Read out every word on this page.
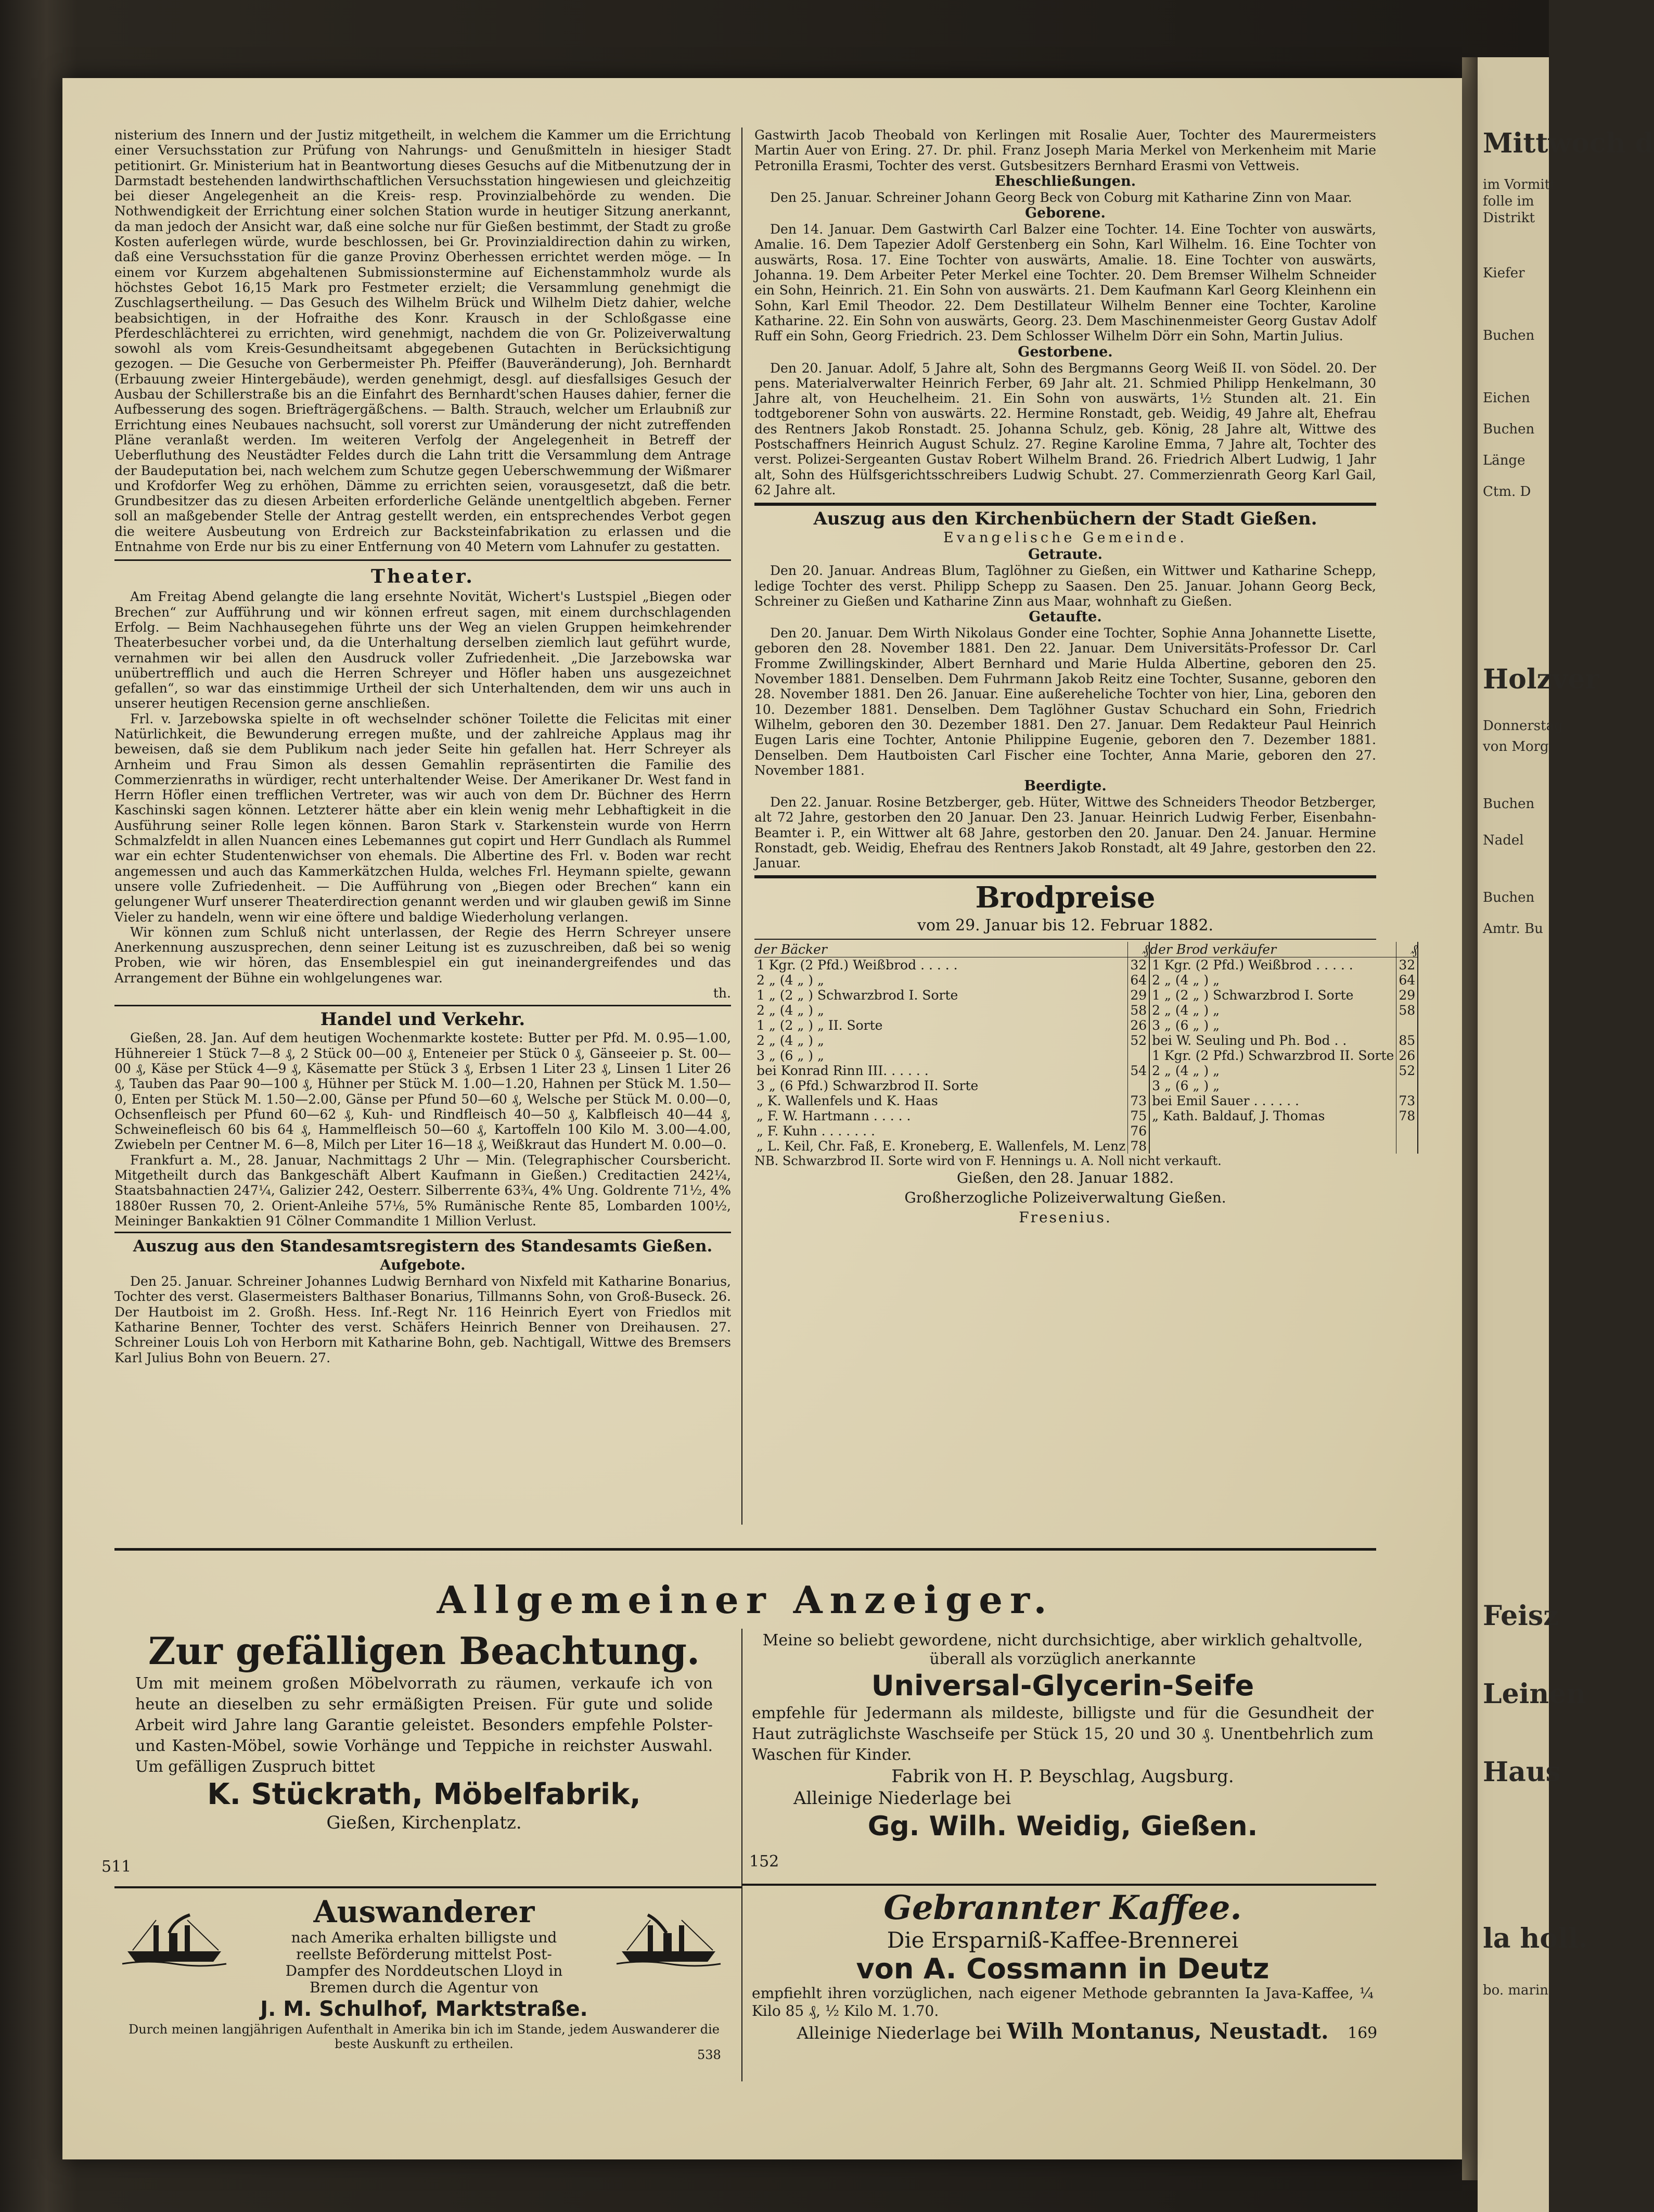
Mittwoch d
im Vormitt
folle im
Distrikt
Kiefer
Buchen
Eichen
Buchen
Länge
Ctm. D
Holzver
Donnerstag
von Morg
Buchen
Nadel
Buchen
Amtr. Bu
Feisz
Leinen
Haus
la holl.
bo. marin

nisterium des Innern und der Justiz mitgetheilt, in welchem die Kammer um die Errichtung einer Versuchsstation zur Prüfung von Nahrungs- und Genußmitteln in hiesiger Stadt petitionirt. Gr. Ministerium hat in Beantwortung dieses Gesuchs auf die Mitbenutzung der in Darmstadt bestehenden landwirthschaftlichen Versuchsstation hingewiesen und gleichzeitig bei dieser Angelegenheit an die Kreis- resp. Provinzialbehörde zu wenden. Die Nothwendigkeit der Errichtung einer solchen Station wurde in heutiger Sitzung anerkannt, da man jedoch der Ansicht war, daß eine solche nur für Gießen bestimmt, der Stadt zu große Kosten auferlegen würde, wurde beschlossen, bei Gr. Provinzialdirection dahin zu wirken, daß eine Versuchsstation für die ganze Provinz Oberhessen errichtet werden möge. — In einem vor Kurzem abgehaltenen Submissionstermine auf Eichenstammholz wurde als höchstes Gebot 16,15 Mark pro Festmeter erzielt; die Versammlung genehmigt die Zuschlagsertheilung. — Das Gesuch des Wilhelm Brück und Wilhelm Dietz dahier, welche beabsichtigen, in der Hofraithe des Konr. Krausch in der Schloßgasse eine Pferdeschlächterei zu errichten, wird genehmigt, nachdem die von Gr. Polizeiverwaltung sowohl als vom Kreis-Gesundheitsamt abgegebenen Gutachten in Berücksichtigung gezogen. — Die Gesuche von Gerbermeister Ph. Pfeiffer (Bauveränderung), Joh. Bernhardt (Erbauung zweier Hintergebäude), werden genehmigt, desgl. auf diesfallsiges Gesuch der Ausbau der Schillerstraße bis an die Einfahrt des Bernhardt'schen Hauses dahier, ferner die Aufbesserung des sogen. Briefträgergäßchens. — Balth. Strauch, welcher um Erlaubniß zur Errichtung eines Neubaues nachsucht, soll vorerst zur Umänderung der nicht zutreffenden Pläne veranlaßt werden. Im weiteren Verfolg der Angelegenheit in Betreff der Ueberfluthung des Neustädter Feldes durch die Lahn tritt die Versammlung dem Antrage der Baudeputation bei, nach welchem zum Schutze gegen Ueberschwemmung der Wißmarer und Krofdorfer Weg zu erhöhen, Dämme zu errichten seien, vorausgesetzt, daß die betr. Grundbesitzer das zu diesen Arbeiten erforderliche Gelände unentgeltlich abgeben. Ferner soll an maßgebender Stelle der Antrag gestellt werden, ein entsprechendes Verbot gegen die weitere Ausbeutung von Erdreich zur Backsteinfabrikation zu erlassen und die Entnahme von Erde nur bis zu einer Entfernung von 40 Metern vom Lahnufer zu gestatten.

Theater.

Am Freitag Abend gelangte die lang ersehnte Novität, Wichert's Lustspiel „Biegen oder Brechen“ zur Aufführung und wir können erfreut sagen, mit einem durchschlagenden Erfolg. — Beim Nachhausegehen führte uns der Weg an vielen Gruppen heimkehrender Theaterbesucher vorbei und, da die Unterhaltung derselben ziemlich laut geführt wurde, vernahmen wir bei allen den Ausdruck voller Zufriedenheit. „Die Jarzebowska war unübertrefflich und auch die Herren Schreyer und Höfler haben uns ausgezeichnet gefallen“, so war das einstimmige Urtheil der sich Unterhaltenden, dem wir uns auch in unserer heutigen Recension gerne anschließen.

Frl. v. Jarzebowska spielte in oft wechselnder schöner Toilette die Felicitas mit einer Natürlichkeit, die Bewunderung erregen mußte, und der zahlreiche Applaus mag ihr beweisen, daß sie dem Publikum nach jeder Seite hin gefallen hat. Herr Schreyer als Arnheim und Frau Simon als dessen Gemahlin repräsentirten die Familie des Commerzienraths in würdiger, recht unterhaltender Weise. Der Amerikaner Dr. West fand in Herrn Höfler einen trefflichen Vertreter, was wir auch von dem Dr. Büchner des Herrn Kaschinski sagen können. Letzterer hätte aber ein klein wenig mehr Lebhaftigkeit in die Ausführung seiner Rolle legen können. Baron Stark v. Starkenstein wurde von Herrn Schmalzfeldt in allen Nuancen eines Lebemannes gut copirt und Herr Gundlach als Rummel war ein echter Studentenwichser von ehemals. Die Albertine des Frl. v. Boden war recht angemessen und auch das Kammerkätzchen Hulda, welches Frl. Heymann spielte, gewann unsere volle Zufriedenheit. — Die Aufführung von „Biegen oder Brechen“ kann ein gelungener Wurf unserer Theaterdirection genannt werden und wir glauben gewiß im Sinne Vieler zu handeln, wenn wir eine öftere und baldige Wiederholung verlangen.

Wir können zum Schluß nicht unterlassen, der Regie des Herrn Schreyer unsere Anerkennung auszusprechen, denn seiner Leitung ist es zuzuschreiben, daß bei so wenig Proben, wie wir hören, das Ensemblespiel ein gut ineinandergreifendes und das Arrangement der Bühne ein wohlgelungenes war.

th.
Handel und Verkehr.

Gießen, 28. Jan. Auf dem heutigen Wochenmarkte kostete: Butter per Pfd. M. 0.95—1.00, Hühnereier 1 Stück 7—8 ₰, 2 Stück 00—00 ₰, Enteneier per Stück 0 ₰, Gänseeier p. St. 00—00 ₰, Käse per Stück 4—9 ₰, Käsematte per Stück 3 ₰, Erbsen 1 Liter 23 ₰, Linsen 1 Liter 26 ₰, Tauben das Paar 90—100 ₰, Hühner per Stück M. 1.00—1.20, Hahnen per Stück M. 1.50—0, Enten per Stück M. 1.50—2.00, Gänse per Pfund 50—60 ₰, Welsche per Stück M. 0.00—0, Ochsenfleisch per Pfund 60—62 ₰, Kuh- und Rindfleisch 40—50 ₰, Kalbfleisch 40—44 ₰, Schweinefleisch 60 bis 64 ₰, Hammelfleisch 50—60 ₰, Kartoffeln 100 Kilo M. 3.00—4.00, Zwiebeln per Centner M. 6—8, Milch per Liter 16—18 ₰, Weißkraut das Hundert M. 0.00—0.

Frankfurt a. M., 28. Januar, Nachmittags 2 Uhr — Min. (Telegraphischer Coursbericht. Mitgetheilt durch das Bankgeschäft Albert Kaufmann in Gießen.) Creditactien 242¼, Staatsbahnactien 247¼, Galizier 242, Oesterr. Silberrente 63¾, 4% Ung. Goldrente 71½, 4% 1880er Russen 70, 2. Orient-Anleihe 57⅛, 5% Rumänische Rente 85, Lombarden 100½, Meininger Bankaktien 91 Cölner Commanditе 1 Million Verlust.

Auszug aus den Standesamtsregistern des Standesamts Gießen.
Aufgebote.

Den 25. Januar. Schreiner Johannes Ludwig Bernhard von Nixfeld mit Katharine Bonarius, Tochter des verst. Glasermeisters Balthaser Bonarius, Tillmanns Sohn, von Groß-Buseck. 26. Der Hautboist im 2. Großh. Hess. Inf.-Regt Nr. 116 Heinrich Eyert von Friedlos mit Katharine Benner, Tochter des verst. Schäfers Heinrich Benner von Dreihausen. 27. Schreiner Louis Loh von Herborn mit Katharine Bohn, geb. Nachtigall, Wittwe des Bremsers Karl Julius Bohn von Beuern. 27.

Gastwirth Jacob Theobald von Kerlingen mit Rosalie Auer, Tochter des Maurermeisters Martin Auer von Ering. 27. Dr. phil. Franz Joseph Maria Merkel von Merkenheim mit Marie Petronilla Erasmi, Tochter des verst. Gutsbesitzers Bernhard Erasmi von Vettweis.

Eheschließungen.

Den 25. Januar. Schreiner Johann Georg Beck von Coburg mit Katharine Zinn von Maar.

Geborene.

Den 14. Januar. Dem Gastwirth Carl Balzer eine Tochter. 14. Eine Tochter von auswärts, Amalie. 16. Dem Tapezier Adolf Gerstenberg ein Sohn, Karl Wilhelm. 16. Eine Tochter von auswärts, Rosa. 17. Eine Tochter von auswärts, Amalie. 18. Eine Tochter von auswärts, Johanna. 19. Dem Arbeiter Peter Merkel eine Tochter. 20. Dem Bremser Wilhelm Schneider ein Sohn, Heinrich. 21. Ein Sohn von auswärts. 21. Dem Kaufmann Karl Georg Kleinhenn ein Sohn, Karl Emil Theodor. 22. Dem Destillateur Wilhelm Benner eine Tochter, Karoline Katharine. 22. Ein Sohn von auswärts, Georg. 23. Dem Maschinenmeister Georg Gustav Adolf Ruff ein Sohn, Georg Friedrich. 23. Dem Schlosser Wilhelm Dörr ein Sohn, Martin Julius.

Gestorbene.

Den 20. Januar. Adolf, 5 Jahre alt, Sohn des Bergmanns Georg Weiß II. von Södel. 20. Der pens. Materialverwalter Heinrich Ferber, 69 Jahr alt. 21. Schmied Philipp Henkelmann, 30 Jahre alt, von Heuchelheim. 21. Ein Sohn von auswärts, 1½ Stunden alt. 21. Ein todtgeborener Sohn von auswärts. 22. Hermine Ronstadt, geb. Weidig, 49 Jahre alt, Ehefrau des Rentners Jakob Ronstadt. 25. Johanna Schulz, geb. König, 28 Jahre alt, Wittwe des Postschaffners Heinrich August Schulz. 27. Regine Karoline Emma, 7 Jahre alt, Tochter des verst. Polizei-Sergeanten Gustav Robert Wilhelm Brand. 26. Friedrich Albert Ludwig, 1 Jahr alt, Sohn des Hülfsgerichtsschreibers Ludwig Schubt. 27. Commerzienrath Georg Karl Gail, 62 Jahre alt.

Auszug aus den Kirchenbüchern der Stadt Gießen.
Evangelische Gemeinde.
Getraute.

Den 20. Januar. Andreas Blum, Taglöhner zu Gießen, ein Wittwer und Katharine Schepp, ledige Tochter des verst. Philipp Schepp zu Saasen. Den 25. Januar. Johann Georg Beck, Schreiner zu Gießen und Katharine Zinn aus Maar, wohnhaft zu Gießen.

Getaufte.

Den 20. Januar. Dem Wirth Nikolaus Gonder eine Tochter, Sophie Anna Johannette Lisette, geboren den 28. November 1881. Den 22. Januar. Dem Universitäts-Professor Dr. Carl Fromme Zwillingskinder, Albert Bernhard und Marie Hulda Albertine, geboren den 25. November 1881. Denselben. Dem Fuhrmann Jakob Reitz eine Tochter, Susanne, geboren den 28. November 1881. Den 26. Januar. Eine außereheliche Tochter von hier, Lina, geboren den 10. Dezember 1881. Denselben. Dem Taglöhner Gustav Schuchard ein Sohn, Friedrich Wilhelm, geboren den 30. Dezember 1881. Den 27. Januar. Dem Redakteur Paul Heinrich Eugen Laris eine Tochter, Antonie Philippine Eugenie, geboren den 7. Dezember 1881. Denselben. Dem Hautboisten Carl Fischer eine Tochter, Anna Marie, geboren den 27. November 1881.

Beerdigte.

Den 22. Januar. Rosine Betzberger, geb. Hüter, Wittwe des Schneiders Theodor Betzberger, alt 72 Jahre, gestorben den 20 Januar. Den 23. Januar. Heinrich Ludwig Ferber, Eisenbahn-Beamter i. P., ein Wittwer alt 68 Jahre, gestorben den 20. Januar. Den 24. Januar. Hermine Ronstadt, geb. Weidig, Ehefrau des Rentners Jakob Ronstadt, alt 49 Jahre, gestorben den 22. Januar.

Brodpreise
vom 29. Januar bis 12. Februar 1882.
der Bäcker	₰	der Brod verkäufer	₰
1 Kgr. (2 Pfd.) Weißbrod . . . . .	32	1 Kgr. (2 Pfd.) Weißbrod . . . . .	32
2 „ (4 „ ) „	64	2 „ (4 „ ) „	64
1 „ (2 „ ) Schwarzbrod I. Sorte	29	1 „ (2 „ ) Schwarzbrod I. Sorte	29
2 „ (4 „ ) „	58	2 „ (4 „ ) „	58
1 „ (2 „ ) „ II. Sorte	26	3 „ (6 „ ) „	
2 „ (4 „ ) „	52	bei W. Seuling und Ph. Bod . .	85
3 „ (6 „ ) „		1 Kgr. (2 Pfd.) Schwarzbrod II. Sorte	26
bei Konrad Rinn III. . . . . .	54	2 „ (4 „ ) „	52
3 „ (6 Pfd.) Schwarzbrod II. Sorte		3 „ (6 „ ) „	
„ K. Wallenfels und K. Haas	73	bei Emil Sauer . . . . . .	73
„ F. W. Hartmann . . . . .	75	„ Kath. Baldauf, J. Thomas	78
„ F. Kuhn . . . . . . .	76		
„ L. Keil, Chr. Faß, E. Kroneberg, E. Wallenfels, M. Lenz	78		
NB. Schwarzbrod II. Sorte wird von F. Hennings u. A. Noll nicht verkauft.
Gießen, den 28. Januar 1882.
Großherzogliche Polizeiverwaltung Gießen.
Fresenius.
Allgemeiner Anzeiger.
Zur gefälligen Beachtung.
Um mit meinem großen Möbelvorrath zu räumen, verkaufe ich von heute an dieselben zu sehr ermäßigten Preisen. Für gute und solide Arbeit wird Jahre lang Garantie geleistet. Besonders empfehle Polster- und Kasten-Möbel, sowie Vorhänge und Teppiche in reichster Auswahl. Um gefälligen Zuspruch bittet
K. Stückrath, Möbelfabrik,
Gießen, Kirchenplatz.
511
Auswanderer
nach Amerika erhalten billigste und reellste Beförderung mittelst Post-Dampfer des Norddeutschen Lloyd in Bremen durch die Agentur von
J. M. Schulhof, Marktstraße.
Durch meinen langjährigen Aufenthalt in Amerika bin ich im Stande, jedem Auswanderer die beste Auskunft zu ertheilen.
538
Meine so beliebt gewordene, nicht durchsichtige, aber wirklich gehaltvolle, überall als vorzüglich anerkannte
Universal-Glycerin-Seife
empfehle für Jedermann als mildeste, billigste und für die Gesundheit der Haut zuträglichste Waschseife per Stück 15, 20 und 30 ₰. Unentbehrlich zum Waschen für Kinder.
Fabrik von H. P. Beyschlag, Augsburg.
Alleinige Niederlage bei
Gg. Wilh. Weidig, Gießen.
152
Gebrannter Kaffee.
Die Ersparniß-Kaffee-Brennerei
von A. Cossmann in Deutz
empfiehlt ihren vorzüglichen, nach eigener Methode gebrannten Ia Java-Kaffee, ¼ Kilo 85 ₰, ½ Kilo M. 1.70.
Alleinige Niederlage bei Wilh Montanus, Neustadt.	169
